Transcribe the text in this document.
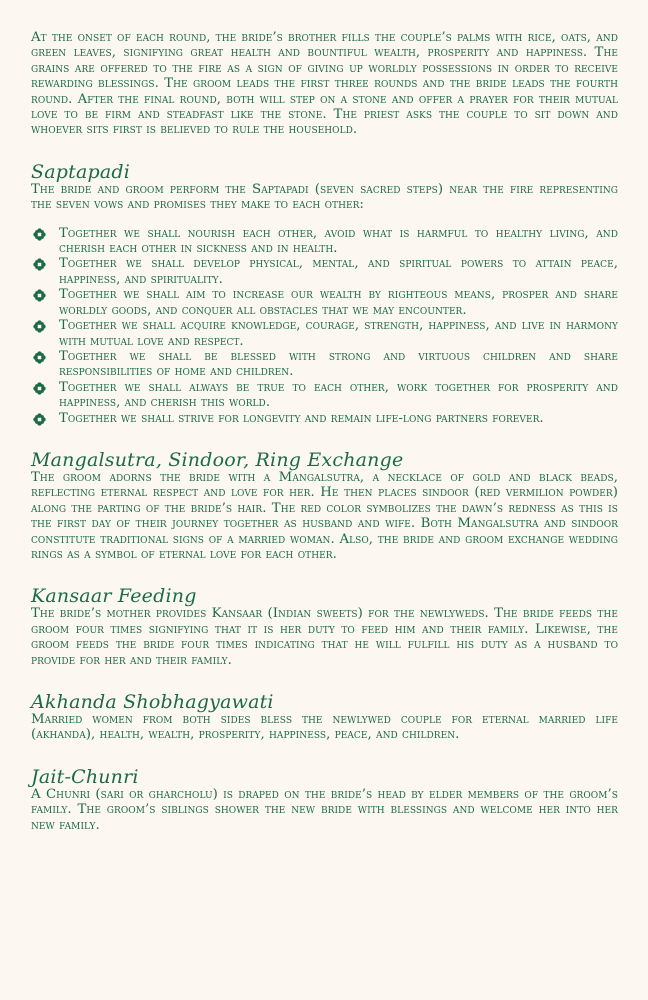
At the onset of each round, the bride’s brother fills the couple’s palms with rice, oats, and green leaves, signifying great health and bountiful wealth, prosperity and happiness. The grains are offered to the fire as a sign of giving up worldly possessions in order to receive rewarding blessings. The groom leads the first three rounds and the bride leads the fourth round. After the final round, both will step on a stone and offer a prayer for their mutual love to be firm and steadfast like the stone. The priest asks the couple to sit down and whoever sits first is believed to rule the household.

Saptapadi

The bride and groom perform the Saptapadi (seven sacred steps) near the fire representing the seven vows and promises they make to each other:

Together we shall nourish each other, avoid what is harmful to healthy living, and cherish each other in sickness and in health.
Together we shall develop physical, mental, and spiritual powers to attain peace, happiness, and spirituality.
Together we shall aim to increase our wealth by righteous means, prosper and share worldly goods, and conquer all obstacles that we may encounter.
Together we shall acquire knowledge, courage, strength, happiness, and live in harmony with mutual love and respect.
Together we shall be blessed with strong and virtuous children and share responsibilities of home and children.
Together we shall always be true to each other, work together for prosperity and happiness, and cherish this world.
Together we shall strive for longevity and remain life-long partners forever.
Mangalsutra, Sindoor, Ring Exchange

The groom adorns the bride with a Mangalsutra, a necklace of gold and black beads, reflecting eternal respect and love for her. He then places sindoor (red vermilion powder) along the parting of the bride’s hair. The red color symbolizes the dawn’s redness as this is the first day of their journey together as husband and wife. Both Mangalsutra and sindoor constitute traditional signs of a married woman. Also, the bride and groom exchange wedding rings as a symbol of eternal love for each other.

Kansaar Feeding

The bride’s mother provides Kansaar (Indian sweets) for the newlyweds. The bride feeds the groom four times signifying that it is her duty to feed him and their family. Likewise, the groom feeds the bride four times indicating that he will fulfill his duty as a husband to provide for her and their family.

Akhanda Shobhagyawati

Married women from both sides bless the newlywed couple for eternal married life (akhanda), health, wealth, prosperity, happiness, peace, and children.

Jait-Chunri

A Chunri (sari or gharcholu) is draped on the bride’s head by elder members of the groom’s family. The groom’s siblings shower the new bride with blessings and welcome her into her new family.
